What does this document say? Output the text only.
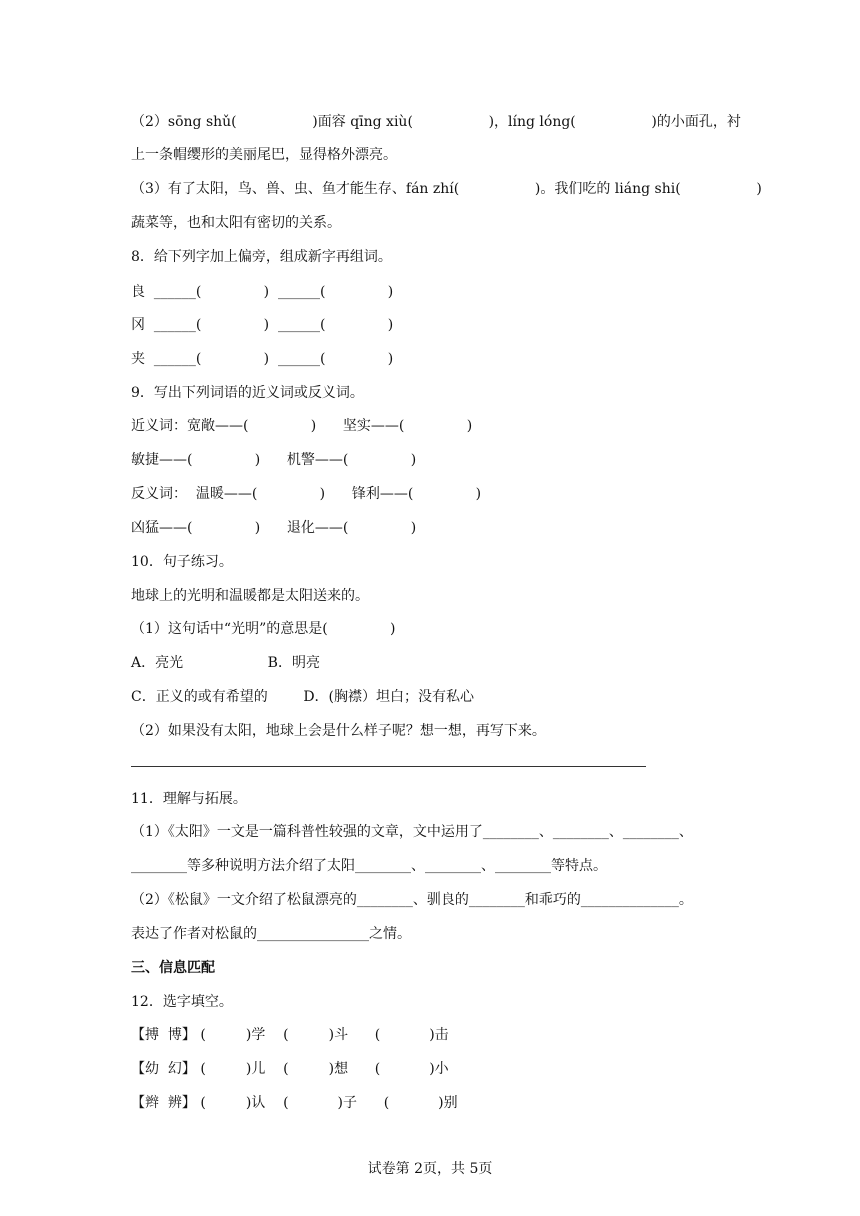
（2）sōng shǔ(                 )面容 qīng xiù(                 )，líng lóng(                 )的小面孔，衬
上一条帽缨形的美丽尾巴，显得格外漂亮。
（3）有了太阳，鸟、兽、虫、鱼才能生存、fán zhí(                 )。我们吃的 liáng shi(                 )
蔬菜等，也和太阳有密切的关系。
8．给下列字加上偏旁，组成新字再组词。
良  ______(              )  ______(              )
冈  ______(              )  ______(              )
夹  ______(              )  ______(              )
9．写出下列词语的近义词或反义词。
近义词：宽敞——(              )      坚实——(              )
敏捷——(              )      机警——(              )
反义词：  温暖——(              )      锋利——(              )
凶猛——(              )      退化——(              )
10．句子练习。
地球上的光明和温暖都是太阳送来的。
（1）这句话中“光明”的意思是(              )
A．亮光                   B．明亮
C．正义的或有希望的        D．(胸襟）坦白；没有私心
（2）如果没有太阳，地球上会是什么样子呢？想一想，再写下来。
11．理解与拓展。
（1）《太阳》一文是一篇科普性较强的文章，文中运用了________、________、________、
________等多种说明方法介绍了太阳________、________、________等特点。
（2）《松鼠》一文介绍了松鼠漂亮的________、驯良的________和乖巧的______________。
表达了作者对松鼠的________________之情。
三、信息匹配
12．选字填空。
【搏  博】 (         )学    (         )斗      (           )击
【幼  幻】 (         )儿    (         )想      (           )小
【辫  辨】 (         )认    (           )子      (           )别
试卷第 2页，共 5页
